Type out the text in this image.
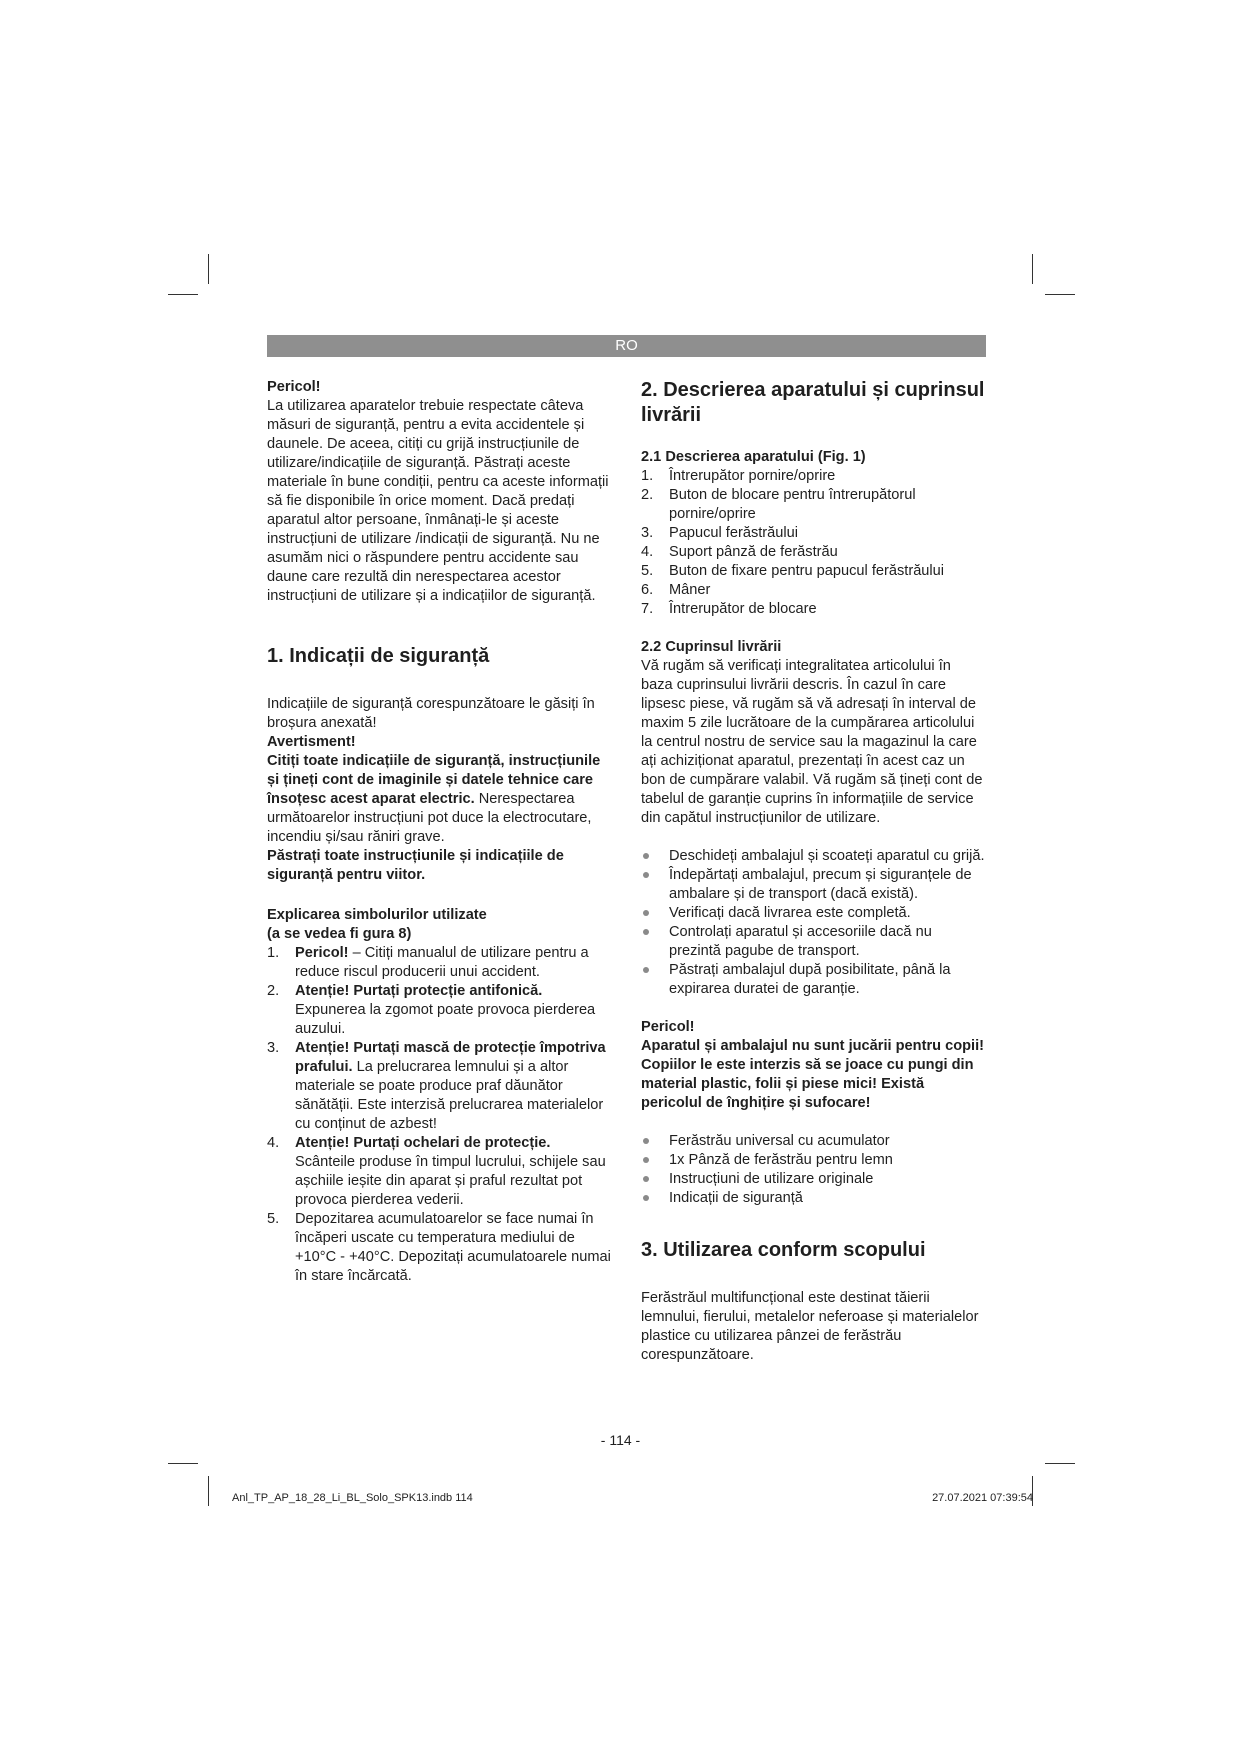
RO

Pericol!

La utilizarea aparatelor trebuie respectate câteva măsuri de siguranță, pentru a evita accidentele și daunele. De aceea, citiți cu grijă instrucțiunile de utilizare/indicațiile de siguranță. Păstrați aceste materiale în bune condiții, pentru ca aceste informații să fie disponibile în orice moment. Dacă predați aparatul altor persoane, înmânați-le și aceste instrucțiuni de utilizare /indicații de siguranță. Nu ne asumăm nici o răspundere pentru accidente sau daune care rezultă din nerespectarea acestor instrucțiuni de utilizare și a indicațiilor de siguranță.

1. Indicații de siguranță

Indicațiile de siguranță corespunzătoare le găsiți în broșura anexată!

Avertisment!

Citiți toate indicațiile de siguranță, instrucțiunile și țineți cont de imaginile și datele tehnice care însoțesc acest aparat electric. Nerespectarea următoarelor instrucțiuni pot duce la electrocutare, incendiu și/sau răniri grave.

Păstrați toate instrucțiunile și indicațiile de siguranță pentru viitor.

Explicarea simbolurilor utilizate

(a se vedea fi gura 8)

1. Pericol! – Citiți manualul de utilizare pentru a reduce riscul producerii unui accident.
2. Atenție! Purtați protecție antifonică. Expunerea la zgomot poate provoca pierderea auzului.
3. Atenție! Purtați mască de protecție împotriva prafului. La prelucrarea lemnului și a altor materiale se poate produce praf dăunător sănătății. Este interzisă prelucrarea materialelor cu conținut de azbest!
4. Atenție! Purtați ochelari de protecție. Scânteile produse în timpul lucrului, schijele sau așchiile ieșite din aparat și praful rezultat pot provoca pierderea vederii.
5. Depozitarea acumulatoarelor se face numai în încăperi uscate cu temperatura mediului de +10°C - +40°C. Depozitați acumulatoarele numai în stare încărcată.
2. Descrierea aparatului și cuprinsul livrării
2.1 Descrierea aparatului (Fig. 1)
1. Întrerupător pornire/oprire
2. Buton de blocare pentru întrerupătorul pornire/oprire
3. Papucul ferăstrăului
4. Suport pânză de ferăstrău
5. Buton de fixare pentru papucul ferăstrăului
6. Mâner
7. Întrerupător de blocare
2.2 Cuprinsul livrării

Vă rugăm să verificați integralitatea articolului în baza cuprinsului livrării descris. În cazul în care lipsesc piese, vă rugăm să vă adresați în interval de maxim 5 zile lucrătoare de la cumpărarea articolului la centrul nostru de service sau la magazinul la care ați achiziționat aparatul, prezentați în acest caz un bon de cumpărare valabil. Vă rugăm să țineți cont de tabelul de garanție cuprins în informațiile de service din capătul instrucțiunilor de utilizare.

Deschideți ambalajul și scoateți aparatul cu grijă.
Îndepărtați ambalajul, precum și siguranțele de ambalare și de transport (dacă există).
Verificați dacă livrarea este completă.
Controlați aparatul și accesoriile dacă nu prezintă pagube de transport.
Păstrați ambalajul după posibilitate, până la expirarea duratei de garanție.

Pericol!

Aparatul și ambalajul nu sunt jucării pentru copii! Copiilor le este interzis să se joace cu pungi din material plastic, folii și piese mici! Există pericolul de înghițire și sufocare!

Ferăstrău universal cu acumulator
1x Pânză de ferăstrău pentru lemn
Instrucțiuni de utilizare originale
Indicații de siguranță
3. Utilizarea conform scopului

Ferăstrăul multifuncțional este destinat tăierii lemnului, fierului, metalelor neferoase și materialelor plastice cu utilizarea pânzei de ferăstrău corespunzătoare.

- 114 -
Anl_TP_AP_18_28_Li_BL_Solo_SPK13.indb 114	27.07.2021 07:39:54
